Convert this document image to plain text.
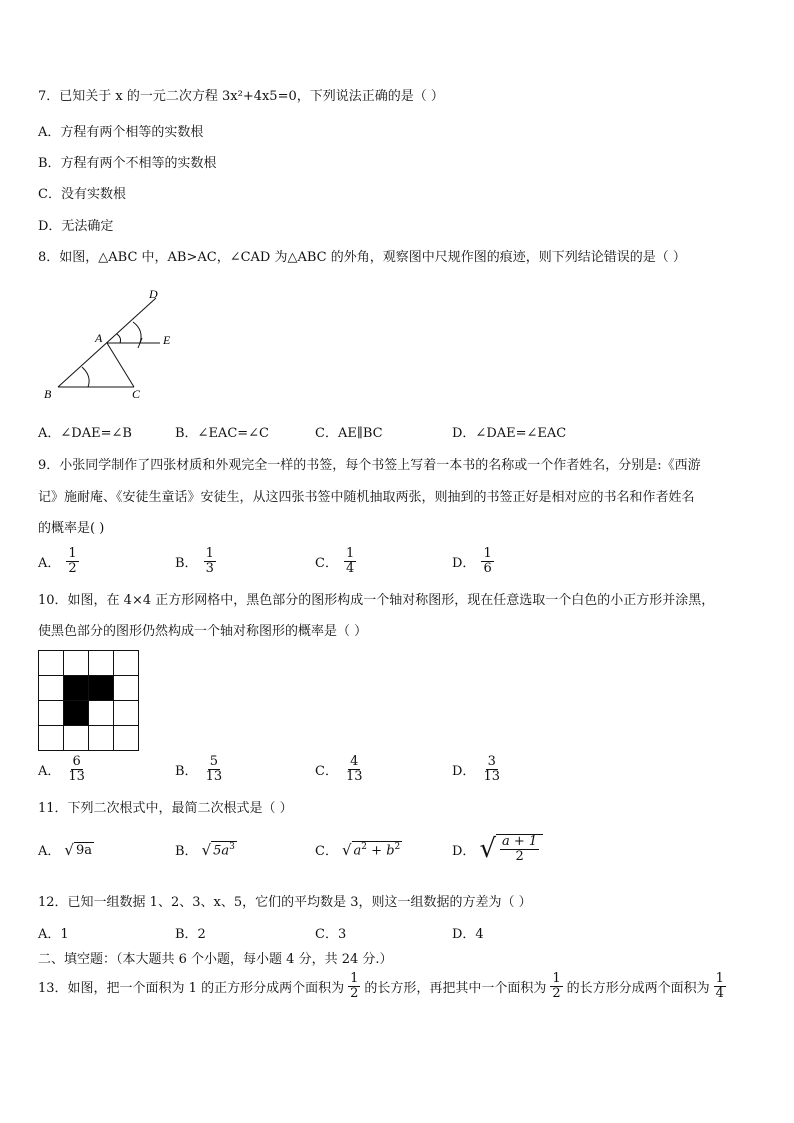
7．已知关于 x 的一元二次方程 3x²+4x5=0，下列说法正确的是（ ）
A．方程有两个相等的实数根
B．方程有两个不相等的实数根
C．没有实数根
D．无法确定
8．如图，△ABC 中，AB>AC，∠CAD 为△ABC 的外角，观察图中尺规作图的痕迹，则下列结论错误的是（ ）
D
A	E
B	C
A．∠DAE=∠B	B．∠EAC=∠C	C．AE∥BC	D．∠DAE=∠EAC
9．小张同学制作了四张材质和外观完全一样的书签，每个书签上写着一本书的名称或一个作者姓名，分别是:《西游
记》施耐庵、《安徒生童话》安徒生，从这四张书签中随机抽取两张，则抽到的书签正好是相对应的书名和作者姓名
的概率是( )
A． $\frac{1}{2}$	B． $\frac{1}{3}$	C． $\frac{1}{4}$	D． $\frac{1}{6}$
10．如图，在 4×4 正方形网格中，黑色部分的图形构成一个轴对称图形，现在任意选取一个白色的小正方形并涂黑，
使黑色部分的图形仍然构成一个轴对称图形的概率是（ ）
A． $\frac{6}{13}$	B． $\frac{5}{13}$	C． $\frac{4}{13}$	D． $\frac{3}{13}$
11．下列二次根式中，最简二次根式是（ ）
A． √ 9a	B． √ $5a^3$	C． √ $a^2 + b^2$	D． √ $\frac{a + 1}{2}$
12．已知一组数据 1、2、3、x、5，它们的平均数是 3，则这一组数据的方差为（ ）
A．1	B．2	C．3	D．4
二、填空题：（本大题共 6 个小题，每小题 4 分，共 24 分.）
13．如图，把一个面积为 1 的正方形分成两个面积为 $\frac{1}{2}$ 的长方形，再把其中一个面积为 $\frac{1}{2}$ 的长方形分成两个面积为 $\frac{1}{4}$
